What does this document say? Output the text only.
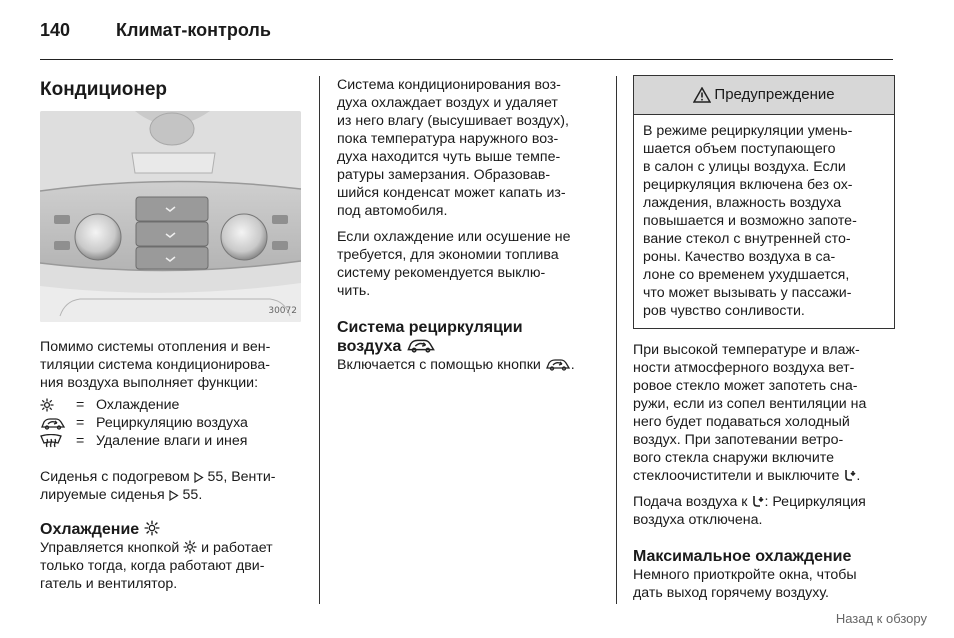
140	Климат-контроль
Кондиционер
30072

Помимо системы отопления и вен-
тиляции система кондиционирова-
ния воздуха выполняет функции:

= Охлаждение
= Рециркуляцию воздуха
= Удаление влаги и инея

Сиденья с подогревом  55, Венти-
лируемые сиденья  55.

Охлаждение

Управляется кнопкой  и работает
только тогда, когда работают дви-
гатель и вентилятор.

Система кондиционирования воз-
духа охлаждает воздух и удаляет
из него влагу (высушивает воздух),
пока температура наружного воз-
духа находится чуть выше темпе-
ратуры замерзания. Образовав-
шийся конденсат может капать из-
под автомобиля.

Если охлаждение или осушение не
требуется, для экономии топлива
систему рекомендуется выклю-
чить.

Система рециркуляции
воздуха

Включается с помощью кнопки .

Предупреждение
В режиме рециркуляции умень-
шается объем поступающего
в салон с улицы воздуха. Если
рециркуляция включена без ох-
лаждения, влажность воздуха
повышается и возможно запоте-
вание стекол с внутренней сто-
роны. Качество воздуха в са-
лоне со временем ухудшается,
что может вызывать у пассажи-
ров чувство сонливости.

При высокой температуре и влаж-
ности атмосферного воздуха вет-
ровое стекло может запотеть сна-
ружи, если из сопел вентиляции на
него будет подаваться холодный
воздух. При запотевании ветро-
вого стекла снаружи включите
стеклоочистители и выключите .

Подача воздуха к : Рециркуляция
воздуха отключена.

Максимальное охлаждение

Немного приоткройте окна, чтобы
дать выход горячему воздуху.

Назад к обзору
